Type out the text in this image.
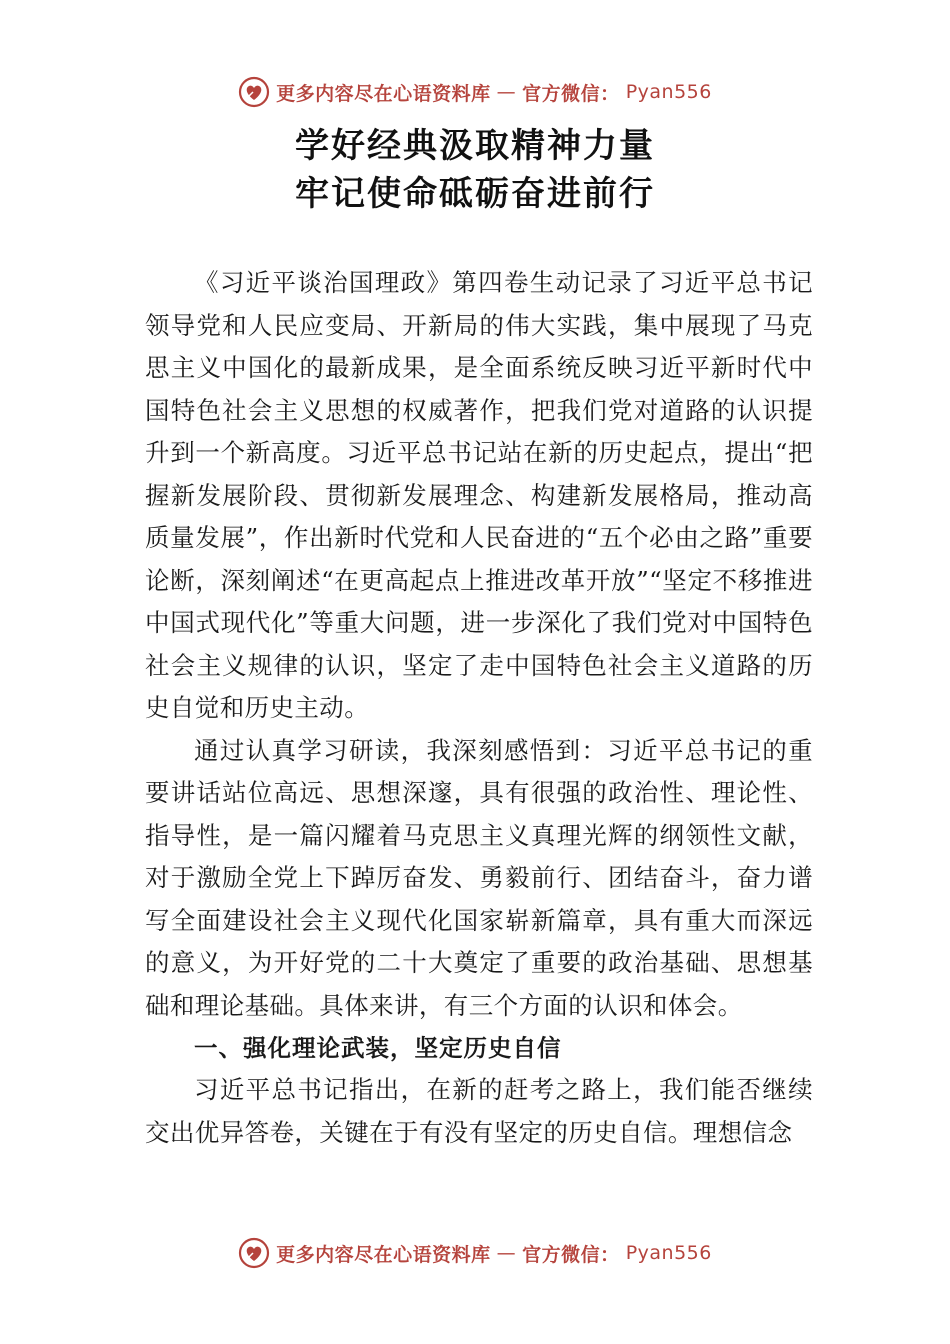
更多内容尽在心语资料库 — 官方微信： Pyan556
学好经典汲取精神力量
牢记使命砥砺奋进前行

《习近平谈治国理政》第四卷生动记录了习近平总书记领导党和人民应变局、开新局的伟大实践，集中展现了马克思主义中国化的最新成果，是全面系统反映习近平新时代中国特色社会主义思想的权威著作，把我们党对道路的认识提升到一个新高度。习近平总书记站在新的历史起点，提出“把握新发展阶段、贯彻新发展理念、构建新发展格局，推动高质量发展”，作出新时代党和人民奋进的“五个必由之路”重要论断，深刻阐述“在更高起点上推进改革开放”“坚定不移推进中国式现代化”等重大问题，进一步深化了我们党对中国特色社会主义规律的认识，坚定了走中国特色社会主义道路的历史自觉和历史主动。

通过认真学习研读，我深刻感悟到：习近平总书记的重要讲话站位高远、思想深邃，具有很强的政治性、理论性、 指导性，是一篇闪耀着马克思主义真理光辉的纲领性文献， 对于激励全党上下踔厉奋发、勇毅前行、团结奋斗，奋力谱写全面建设社会主义现代化国家崭新篇章，具有重大而深远的意义，为开好党的二十大奠定了重要的政治基础、思想基础和理论基础。具体来讲，有三个方面的认识和体会。

一、强化理论武装，坚定历史自信

习近平总书记指出，在新的赶考之路上，我们能否继续交出优异答卷，关键在于有没有坚定的历史自信。理想信念

更多内容尽在心语资料库 — 官方微信： Pyan556
